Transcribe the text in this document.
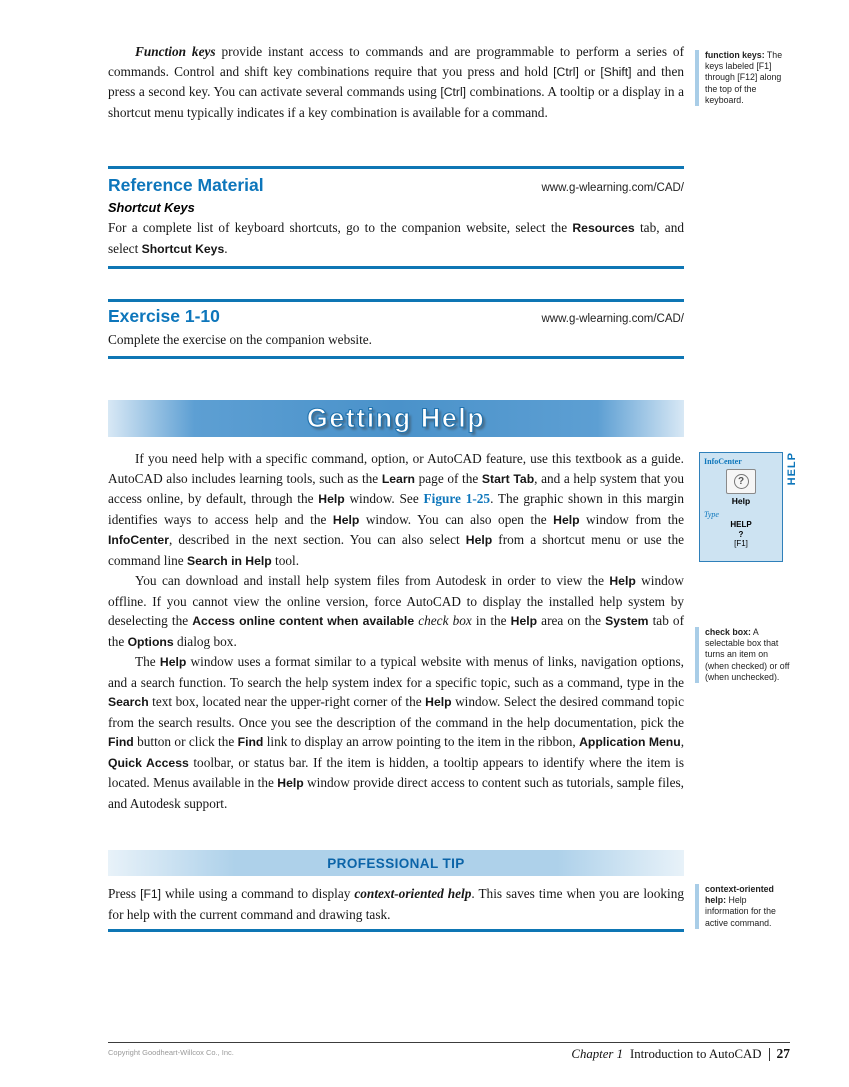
Function keys provide instant access to commands and are programmable to perform a series of commands. Control and shift key combinations require that you press and hold [Ctrl] or [Shift] and then press a second key. You can activate several commands using [Ctrl] combinations. A tooltip or a display in a shortcut menu typically indicates if a key combination is available for a command.

function keys: The keys labeled [F1] through [F12] along the top of the keyboard.
Reference Material	www.g-wlearning.com/CAD/
Shortcut Keys

For a complete list of keyboard shortcuts, go to the companion website, select the Resources tab, and select Shortcut Keys.

Exercise 1-10	www.g-wlearning.com/CAD/

Complete the exercise on the companion website.

Getting Help

If you need help with a specific command, option, or AutoCAD feature, use this textbook as a guide. AutoCAD also includes learning tools, such as the Learn page of the Start Tab, and a help system that you access online, by default, through the Help window. See Figure 1-25. The graphic shown in this margin identifies ways to access help and the Help window. You can also open the Help window from the InfoCenter, described in the next section. You can also select Help from a shortcut menu or use the command line Search in Help tool.

You can download and install help system files from Autodesk in order to view the Help window offline. If you cannot view the online version, force AutoCAD to display the installed help system by deselecting the Access online content when available check box in the Help area on the System tab of the Options dialog box.

The Help window uses a format similar to a typical website with menus of links, navigation options, and a search function. To search the help system index for a specific topic, such as a command, type in the Search text box, located near the upper-right corner of the Help window. Select the desired command topic from the search results. Once you see the description of the command in the help documentation, pick the Find button or click the Find link to display an arrow pointing to the item in the ribbon, Application Menu, Quick Access toolbar, or status bar. If the item is hidden, a tooltip appears to identify where the item is located. Menus available in the Help window provide direct access to content such as tutorials, sample files, and Autodesk support.

InfoCenter
?
Help
Type
HELP
?
[F1]
HELP
check box: A selectable box that turns an item on (when checked) or off (when unchecked).
PROFESSIONAL TIP

Press [F1] while using a command to display context-oriented help. This saves time when you are looking for help with the current command and drawing task.

context-oriented help: Help information for the active command.
Copyright Goodheart-Willcox Co., Inc.	Chapter 1 Introduction to AutoCAD 27
